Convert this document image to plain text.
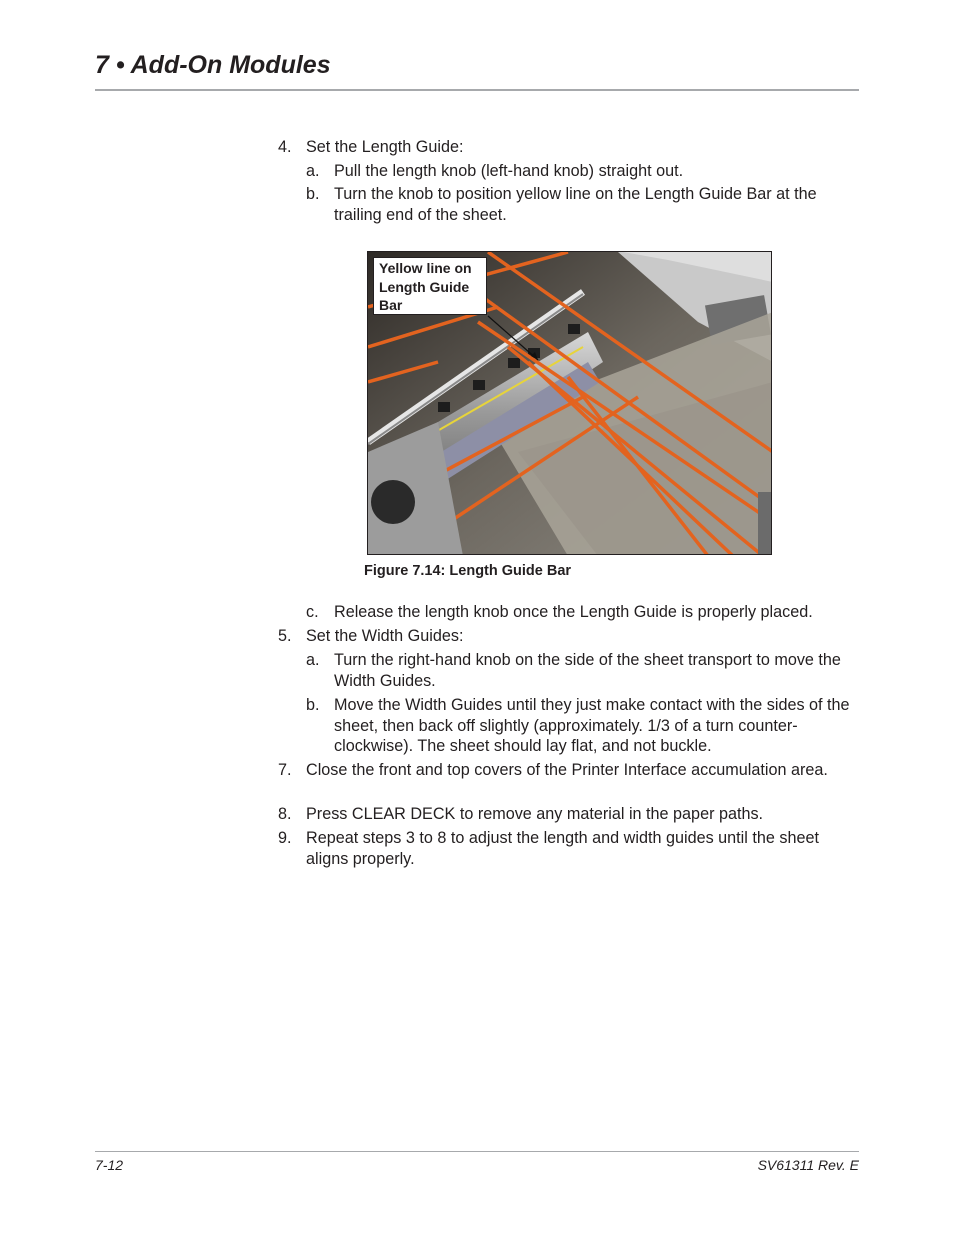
7 • Add-On Modules
4. Set the Length Guide:
a. Pull the length knob (left-hand knob) straight out.
b. Turn the knob to position yellow line on the Length Guide Bar at the trailing end of the sheet.
Yellow line on
Length Guide
Bar
Figure 7.14: Length Guide Bar
c. Release the length knob once the Length Guide is properly placed.
5. Set the Width Guides:
a. Turn the right-hand knob on the side of the sheet transport to move the Width Guides.
b. Move the Width Guides until they just make contact with the sides of the sheet, then back off slightly (approximately. 1/3 of a turn counter-clockwise). The sheet should lay flat, and not buckle.
7. Close the front and top covers of the Printer Interface accumulation area.
8. Press CLEAR DECK to remove any material in the paper paths.
9. Repeat steps 3 to 8 to adjust the length and width guides until the sheet aligns properly.
7-12	SV61311 Rev. E
